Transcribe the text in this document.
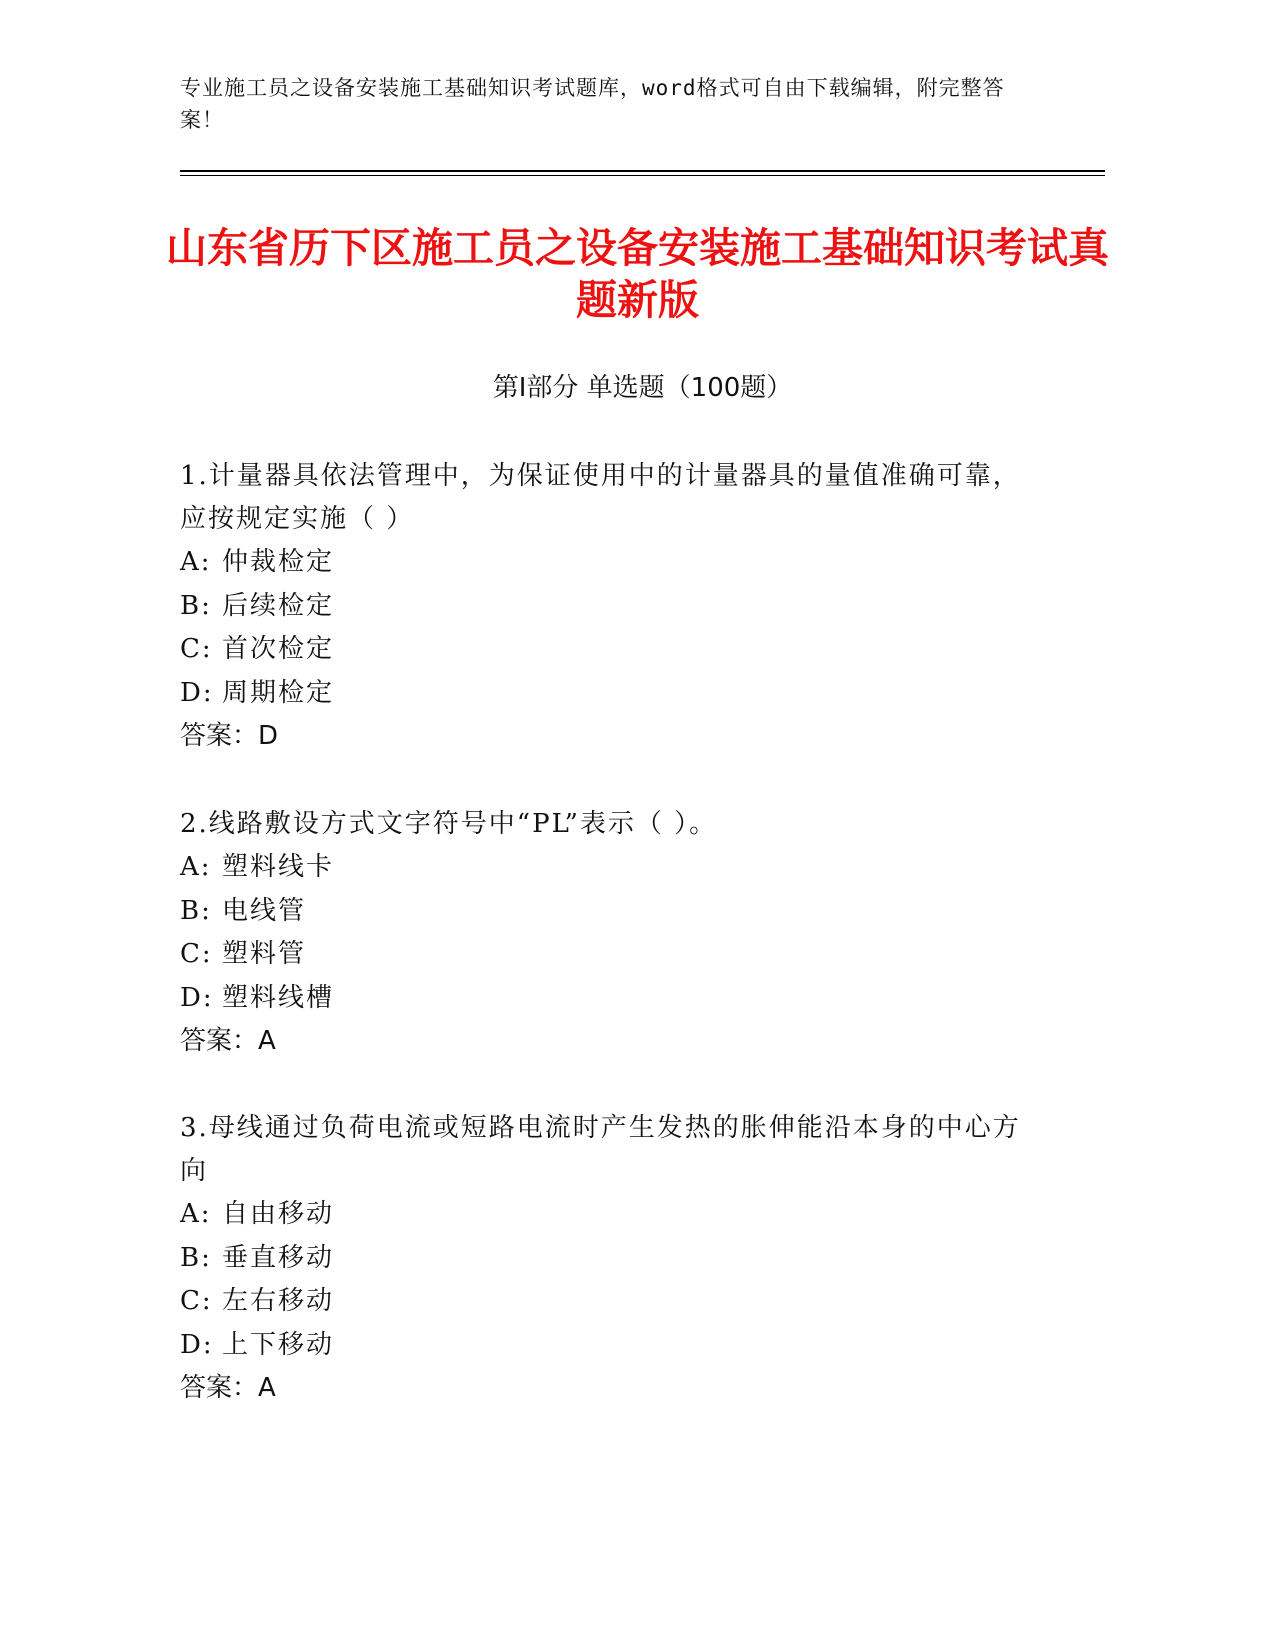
专业施工员之设备安装施工基础知识考试题库，word格式可自由下载编辑，附完整答案！
山东省历下区施工员之设备安装施工基础知识考试真题新版
第Ⅰ部分 单选题（100题）

1.计量器具依法管理中，为保证使用中的计量器具的量值准确可靠，应按规定实施（ ）

A: 仲裁检定
B: 后续检定
C: 首次检定
D: 周期检定
答案：D

2.线路敷设方式文字符号中“PL”表示（ ）。

A: 塑料线卡
B: 电线管
C: 塑料管
D: 塑料线槽
答案：A

3.母线通过负荷电流或短路电流时产生发热的胀伸能沿本身的中心方向

A: 自由移动
B: 垂直移动
C: 左右移动
D: 上下移动
答案：A
